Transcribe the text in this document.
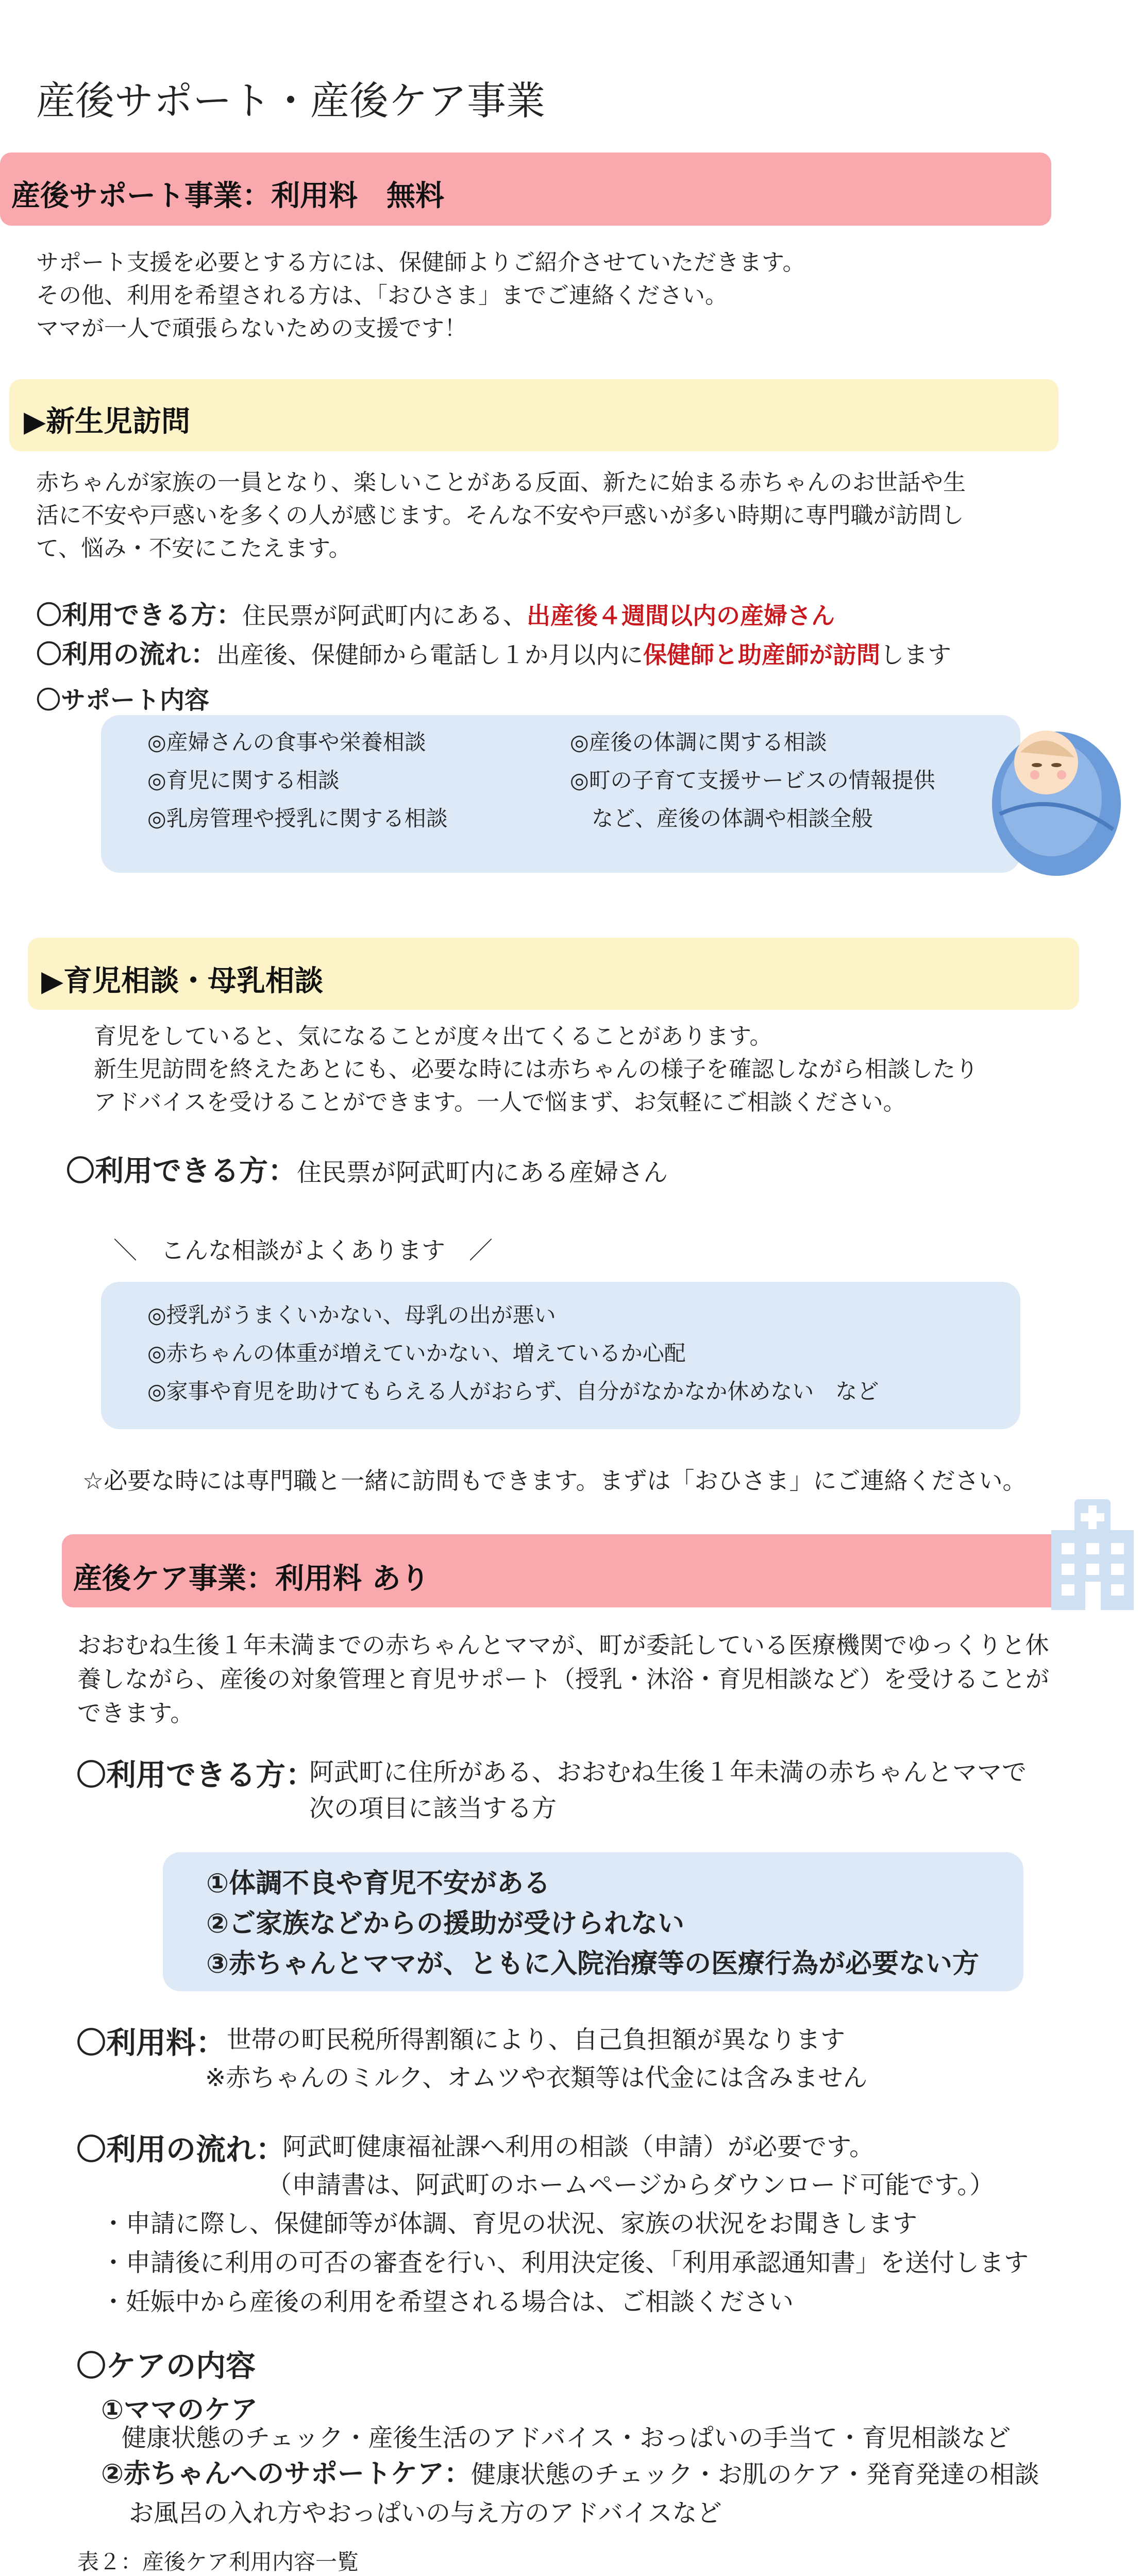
産後サポート・産後ケア事業
産後サポート事業：利用料　無料

サポート支援を必要とする方には、保健師よりご紹介させていただきます。

その他、利用を希望される方は、「おひさま」までご連絡ください。

ママが一人で頑張らないための支援です！

▶新生児訪問

赤ちゃんが家族の一員となり、楽しいことがある反面、新たに始まる赤ちゃんのお世話や生

活に不安や戸惑いを多くの人が感じます。そんな不安や戸惑いが多い時期に専門職が訪問し

て、悩み・不安にこたえます。

〇利用できる方：住民票が阿武町内にある、出産後４週間以内の産婦さん
〇利用の流れ：出産後、保健師から電話し１か月以内に保健師と助産師が訪問します
〇サポート内容
◎産婦さんの食事や栄養相談
◎育児に関する相談
◎乳房管理や授乳に関する相談
◎産後の体調に関する相談
◎町の子育て支援サービスの情報提供
　など、産後の体調や相談全般
▶育児相談・母乳相談

育児をしていると、気になることが度々出てくることがあります。

新生児訪問を終えたあとにも、必要な時には赤ちゃんの様子を確認しながら相談したり

アドバイスを受けることができます。一人で悩まず、お気軽にご相談ください。

〇利用できる方：住民票が阿武町内にある産婦さん
＼　こんな相談がよくあります　／
◎授乳がうまくいかない、母乳の出が悪い
◎赤ちゃんの体重が増えていかない、増えているか心配
◎家事や育児を助けてもらえる人がおらず、自分がなかなか休めない　など
☆必要な時には専門職と一緒に訪問もできます。まずは「おひさま」にご連絡ください。
産後ケア事業：利用料 あり

おおむね生後１年未満までの赤ちゃんとママが、町が委託している医療機関でゆっくりと休

養しながら、産後の対象管理と育児サポート（授乳・沐浴・育児相談など）を受けることが

できます。

〇利用できる方：

阿武町に住所がある、おおむね生後１年未満の赤ちゃんとママで

次の項目に該当する方

①体調不良や育児不安がある
②ご家族などからの援助が受けられない
③赤ちゃんとママが、ともに入院治療等の医療行為が必要ない方
〇利用料： 世帯の町民税所得割額により、自己負担額が異なります

※赤ちゃんのミルク、オムツや衣類等は代金には含みません

〇利用の流れ：

阿武町健康福祉課へ利用の相談（申請）が必要です。

（申請書は、阿武町のホームページからダウンロード可能です。）

・申請に際し、保健師等が体調、育児の状況、家族の状況をお聞きします

・申請後に利用の可否の審査を行い、利用決定後、「利用承認通知書」を送付します

・妊娠中から産後の利用を希望される場合は、ご相談ください

〇ケアの内容
①ママのケア
健康状態のチェック・産後生活のアドバイス・おっぱいの手当て・育児相談など
②赤ちゃんへのサポートケア：健康状態のチェック・お肌のケア・発育発達の相談
お風呂の入れ方やおっぱいの与え方のアドバイスなど
表２：産後ケア利用内容一覧
